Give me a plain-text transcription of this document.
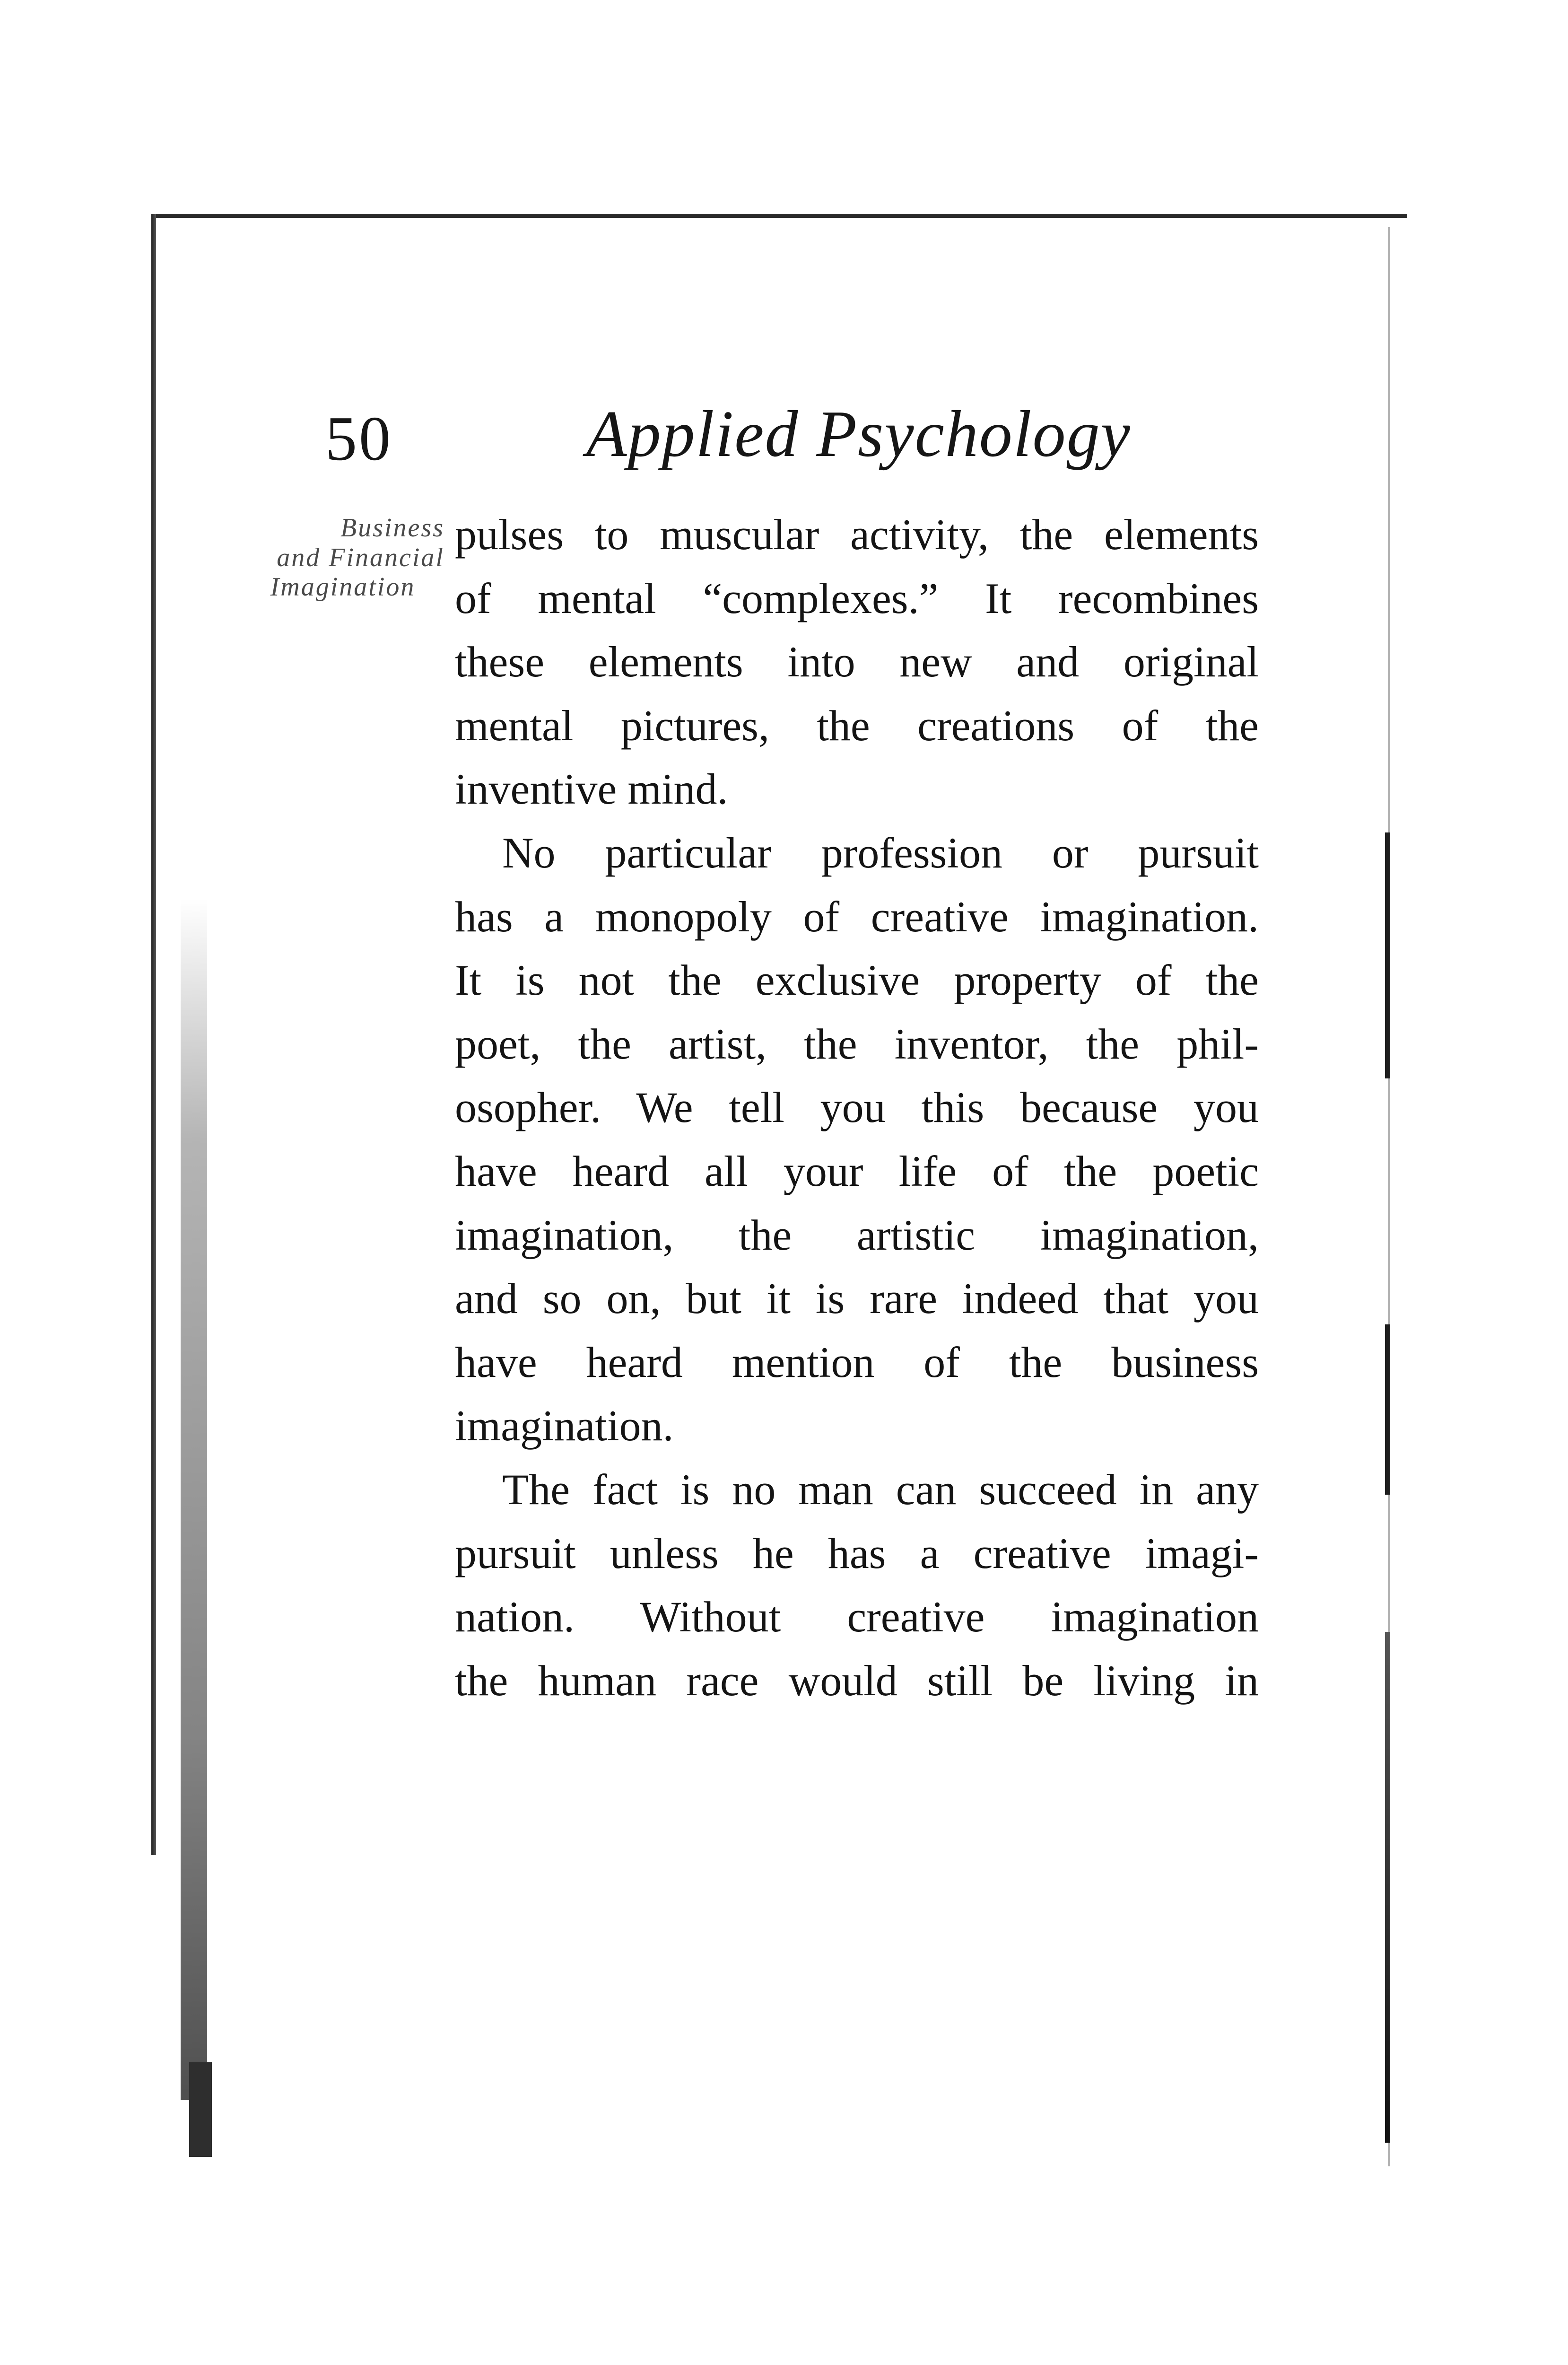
50	Applied Psychology
Business
and Financial
Imagination
pulses to muscular activity, the elements
of mental “complexes.” It recombines
these elements into new and original
mental pictures, the creations of the
inventive mind.
No particular profession or pursuit
has a monopoly of creative imagination.
It is not the exclusive property of the
poet, the artist, the inventor, the phil-
osopher. We tell you this because you
have heard all your life of the poetic
imagination, the artistic imagination,
and so on, but it is rare indeed that you
have heard mention of the business
imagination.
The fact is no man can succeed in any
pursuit unless he has a creative imagi-
nation. Without creative imagination
the human race would still be living in
